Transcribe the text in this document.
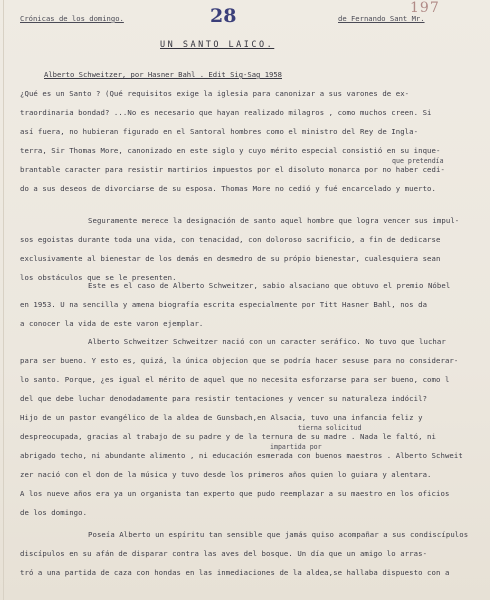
Crónicas de los domingo.	28	de Fernando Sant Mr.
197
UN SANTO LAICO.
Alberto Schweitzer, por Hasner Bahl . Edit Sig-Sag 1958
¿Qué es un Santo ? (Qué requisitos exige la iglesia para canonizar a sus varones de ex-
traordinaria bondad? ...No es necesario que hayan realizado milagros , como muchos creen. Si
así fuera, no hubieran figurado en el Santoral hombres como el ministro del Rey de Ingla-
terra, Sir Thomas More, canonizado en este siglo y cuyo mérito especial consistió en su inque-
que pretendía
brantable caracter para resistir martirios impuestos por el disoluto monarca por no haber cedi-
do a sus deseos de divorciarse de su esposa. Thomas More no cedió y fué encarcelado y muerto.
Seguramente merece la designación de santo aquel hombre que logra vencer sus impul-
sos egoistas durante toda una vida, con tenacidad, con doloroso sacrificio, a fin de dedicarse
exclusivamente al bienestar de los demás en desmedro de su própio bienestar, cualesquiera sean
los obstáculos que se le presenten.
Este es el caso de Alberto Schweitzer, sabio alsaciano que obtuvo el premio Nóbel
en 1953. U na sencilla y amena biografía escrita especialmente por Titt Hasner Bahl, nos da
a conocer la vida de este varon ejemplar.
Alberto Schweitzer Schweitzer nació con un caracter seráfico. No tuvo que luchar
para ser bueno. Y esto es, quizá, la única objecion que se podría hacer sesuse para no considerar-
lo santo. Porque, ¿es igual el mérito de aquel que no necesita esforzarse para ser bueno, como l
del que debe luchar denodadamente para resistir tentaciones y vencer su naturaleza indócil?
Hijo de un pastor evangélico de la aldea de Gunsbach,en Alsacia, tuvo una infancia feliz y
tierna solicitud
despreocupada, gracias al trabajo de su padre y de la ternura de su madre . Nada le faltó, ni
impartida por
abrigado techo, ni abundante alimento , ni educación esmerada con buenos maestros . Alberto Schweit
zer nació con el don de la música y tuvo desde los primeros años quien lo guiara y alentara.
A los nueve años era ya un organista tan experto que pudo reemplazar a su maestro en los oficios
de los domingo.
Poseía Alberto un espíritu tan sensible que jamás quiso acompañar a sus condiscípulos
discípulos en su afán de disparar contra las aves del bosque. Un día que un amigo lo arras-
tró a una partida de caza con hondas en las inmediaciones de la aldea,se hallaba dispuesto con a
